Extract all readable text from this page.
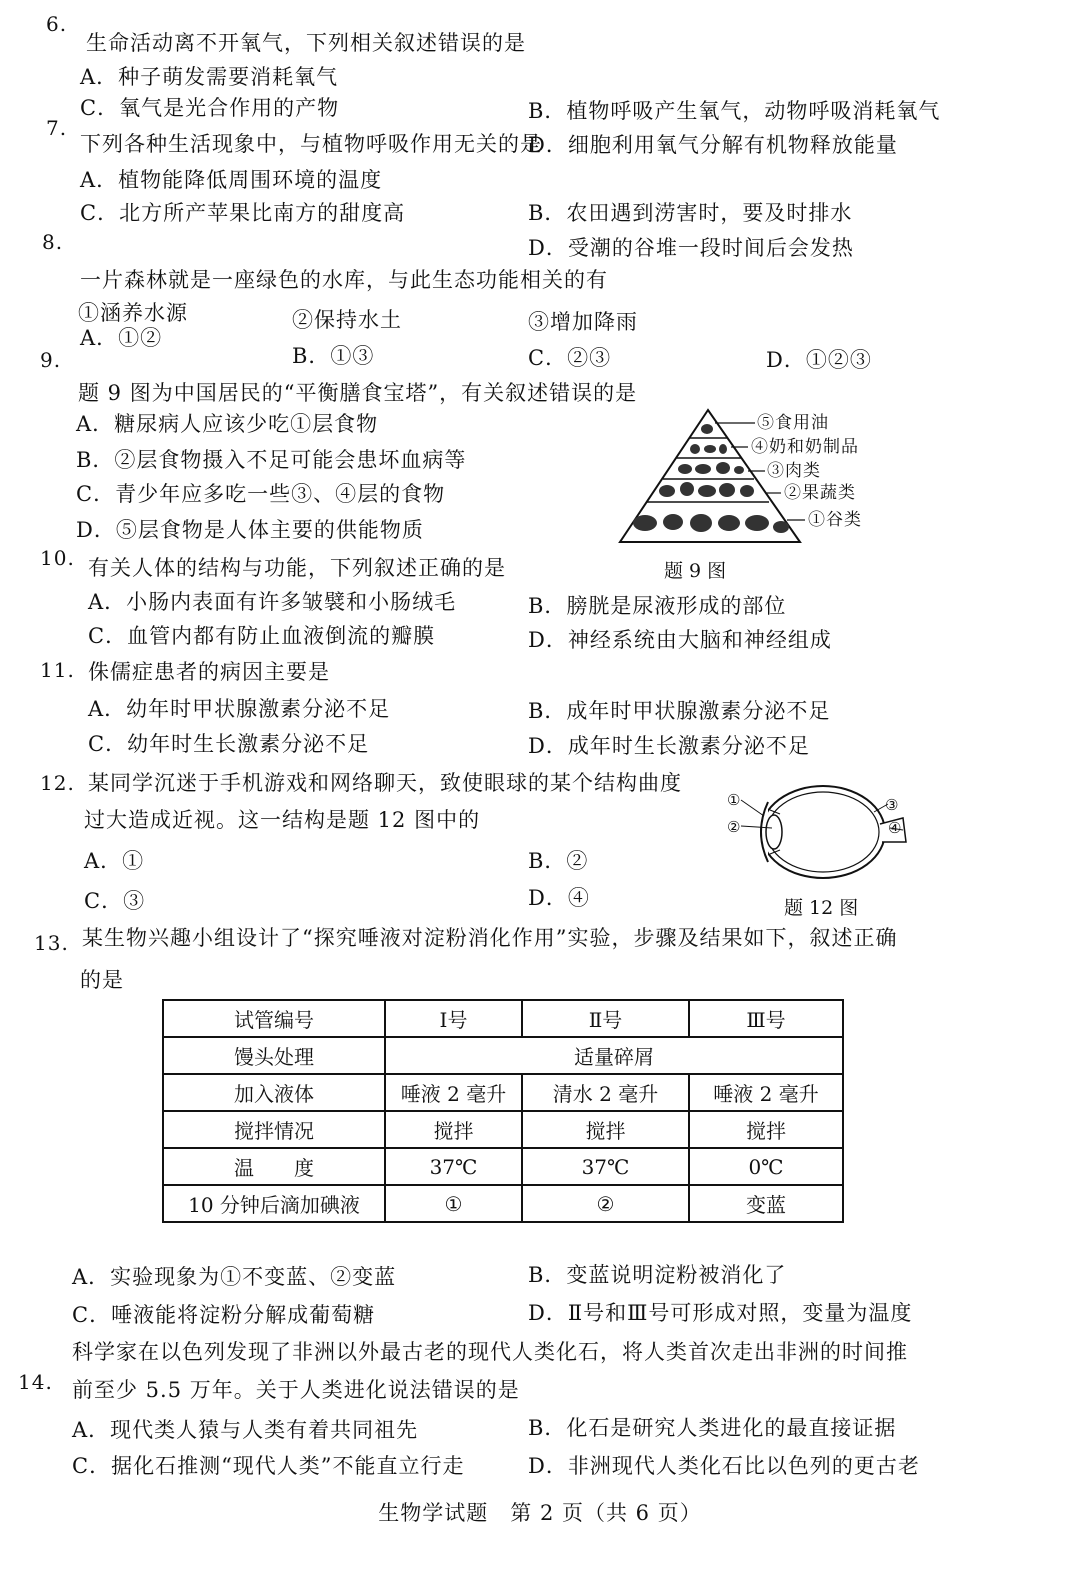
6.
生命活动离不开氧气，下列相关叙述错误的是
A．种子萌发需要消耗氧气
B．植物呼吸产生氧气，动物呼吸消耗氧气
C．氧气是光合作用的产物
D．细胞利用氧气分解有机物释放能量
7.
下列各种生活现象中，与植物呼吸作用无关的是
A．植物能降低周围环境的温度
B．农田遇到涝害时，要及时排水
C．北方所产苹果比南方的甜度高
D．受潮的谷堆一段时间后会发热
8.
一片森林就是一座绿色的水库，与此生态功能相关的有
①涵养水源	②保持水土	③增加降雨
A．①②
B．①③	C．②③	D．①②③
9.
题 9 图为中国居民的“平衡膳食宝塔”，有关叙述错误的是
A．糖尿病人应该少吃①层食物
B．②层食物摄入不足可能会患坏血病等
C．青少年应多吃一些③、④层的食物
D．⑤层食物是人体主要的供能物质
⑤食用油
④奶和奶制品
③肉类
②果蔬类
①谷类
题 9 图
10. 有关人体的结构与功能，下列叙述正确的是
A．小肠内表面有许多皱襞和小肠绒毛	B．膀胱是尿液形成的部位
C．血管内都有防止血液倒流的瓣膜	D．神经系统由大脑和神经组成
11. 侏儒症患者的病因主要是
A．幼年时甲状腺激素分泌不足	B．成年时甲状腺激素分泌不足
C．幼年时生长激素分泌不足	D．成年时生长激素分泌不足
12. 某同学沉迷于手机游戏和网络聊天，致使眼球的某个结构曲度
过大造成近视。这一结构是题 12 图中的
A．①	B．②
C．③	D．④
①
②
③
④
题 12 图
13. 某生物兴趣小组设计了“探究唾液对淀粉消化作用”实验，步骤及结果如下，叙述正确
的是
试管编号	Ⅰ号	Ⅱ号	Ⅲ号
馒头处理	适量碎屑		
加入液体	唾液 2 毫升	清水 2 毫升	唾液 2 毫升
搅拌情况	搅拌	搅拌	搅拌
温　　度	37℃	37℃	0℃
10 分钟后滴加碘液	①	②	变蓝
A．实验现象为①不变蓝、②变蓝	B．变蓝说明淀粉被消化了
C．唾液能将淀粉分解成葡萄糖	D．Ⅱ号和Ⅲ号可形成对照，变量为温度
14.
科学家在以色列发现了非洲以外最古老的现代人类化石，将人类首次走出非洲的时间推
前至少 5.5 万年。关于人类进化说法错误的是
A．现代类人猿与人类有着共同祖先	B．化石是研究人类进化的最直接证据
C．据化石推测“现代人类”不能直立行走	D．非洲现代人类化石比以色列的更古老
生物学试题　第 2 页（共 6 页）
